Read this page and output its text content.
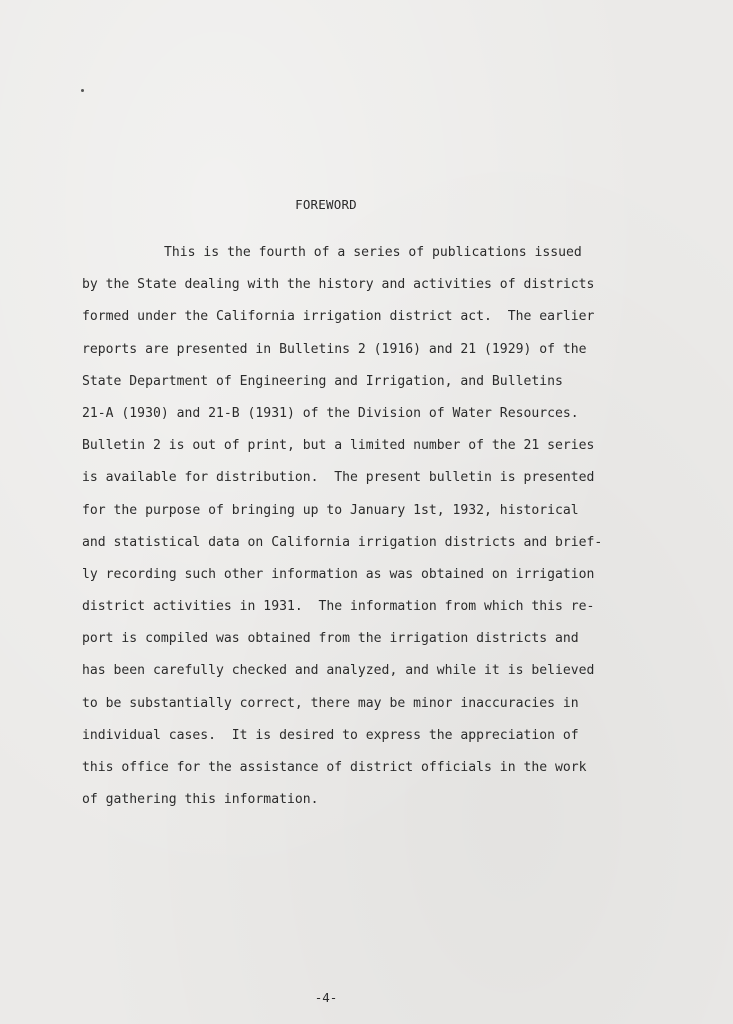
FOREWORD
This is the fourth of a series of publications issued
by the State dealing with the history and activities of districts
formed under the California irrigation district act.  The earlier
reports are presented in Bulletins 2 (1916) and 21 (1929) of the
State Department of Engineering and Irrigation, and Bulletins
21-A (1930) and 21-B (1931) of the Division of Water Resources.
Bulletin 2 is out of print, but a limited number of the 21 series
is available for distribution.  The present bulletin is presented
for the purpose of bringing up to January 1st, 1932, historical
and statistical data on California irrigation districts and brief-
ly recording such other information as was obtained on irrigation
district activities in 1931.  The information from which this re-
port is compiled was obtained from the irrigation districts and
has been carefully checked and analyzed, and while it is believed
to be substantially correct, there may be minor inaccuracies in
individual cases.  It is desired to express the appreciation of
this office for the assistance of district officials in the work
of gathering this information.
-4-
